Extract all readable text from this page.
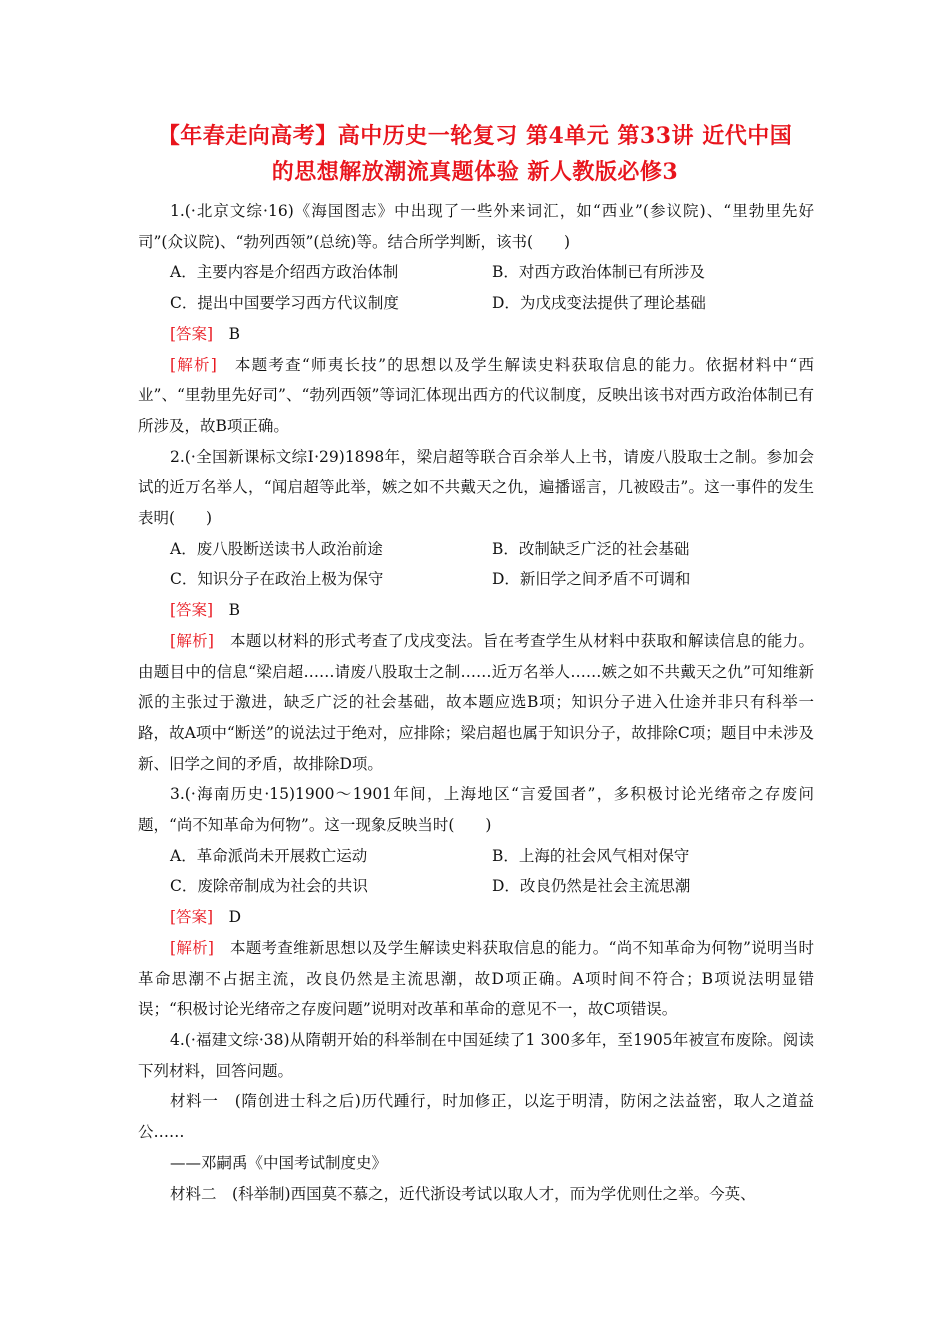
【年春走向高考】高中历史一轮复习 第4单元 第33讲 近代中国
的思想解放潮流真题体验 新人教版必修3

1.(·北京文综·16)《海国图志》中出现了一些外来词汇，如“西业”(参议院)、“里勃里先好司”(众议院)、“勃列西领”(总统)等。结合所学判断，该书(　　)

A．主要内容是介绍西方政治体制	B．对西方政治体制已有所涉及
C．提出中国要学习西方代议制度	D．为戊戌变法提供了理论基础

[答案]　B

[解析]　本题考查“师夷长技”的思想以及学生解读史料获取信息的能力。依据材料中“西业”、“里勃里先好司”、“勃列西领”等词汇体现出西方的代议制度，反映出该书对西方政治体制已有所涉及，故B项正确。

2.(·全国新课标文综Ⅰ·29)1898年，梁启超等联合百余举人上书，请废八股取士之制。参加会试的近万名举人，“闻启超等此举，嫉之如不共戴天之仇，遍播谣言，几被殴击”。这一事件的发生表明(　　)

A．废八股断送读书人政治前途	B．改制缺乏广泛的社会基础
C．知识分子在政治上极为保守	D．新旧学之间矛盾不可调和

[答案]　B

[解析]　本题以材料的形式考查了戊戌变法。旨在考查学生从材料中获取和解读信息的能力。由题目中的信息“梁启超……请废八股取士之制……近万名举人……嫉之如不共戴天之仇”可知维新派的主张过于激进，缺乏广泛的社会基础，故本题应选B项；知识分子进入仕途并非只有科举一路，故A项中“断送”的说法过于绝对，应排除；梁启超也属于知识分子，故排除C项；题目中未涉及新、旧学之间的矛盾，故排除D项。

3.(·海南历史·15)1900～1901年间，上海地区“言爱国者”，多积极讨论光绪帝之存废问题，“尚不知革命为何物”。这一现象反映当时(　　)

A．革命派尚未开展救亡运动	B．上海的社会风气相对保守
C．废除帝制成为社会的共识	D．改良仍然是社会主流思潮

[答案]　D

[解析]　本题考查维新思想以及学生解读史料获取信息的能力。“尚不知革命为何物”说明当时革命思潮不占据主流，改良仍然是主流思潮，故D项正确。A项时间不符合；B项说法明显错误；“积极讨论光绪帝之存废问题”说明对改革和革命的意见不一，故C项错误。

4.(·福建文综·38)从隋朝开始的科举制在中国延续了1 300多年，至1905年被宣布废除。阅读下列材料，回答问题。

材料一　(隋创进士科之后)历代踵行，时加修正，以迄于明清，防闲之法益密，取人之道益公……

——邓嗣禹《中国考试制度史》

材料二　(科举制)西国莫不慕之，近代浙设考试以取人才，而为学优则仕之举。今英、
